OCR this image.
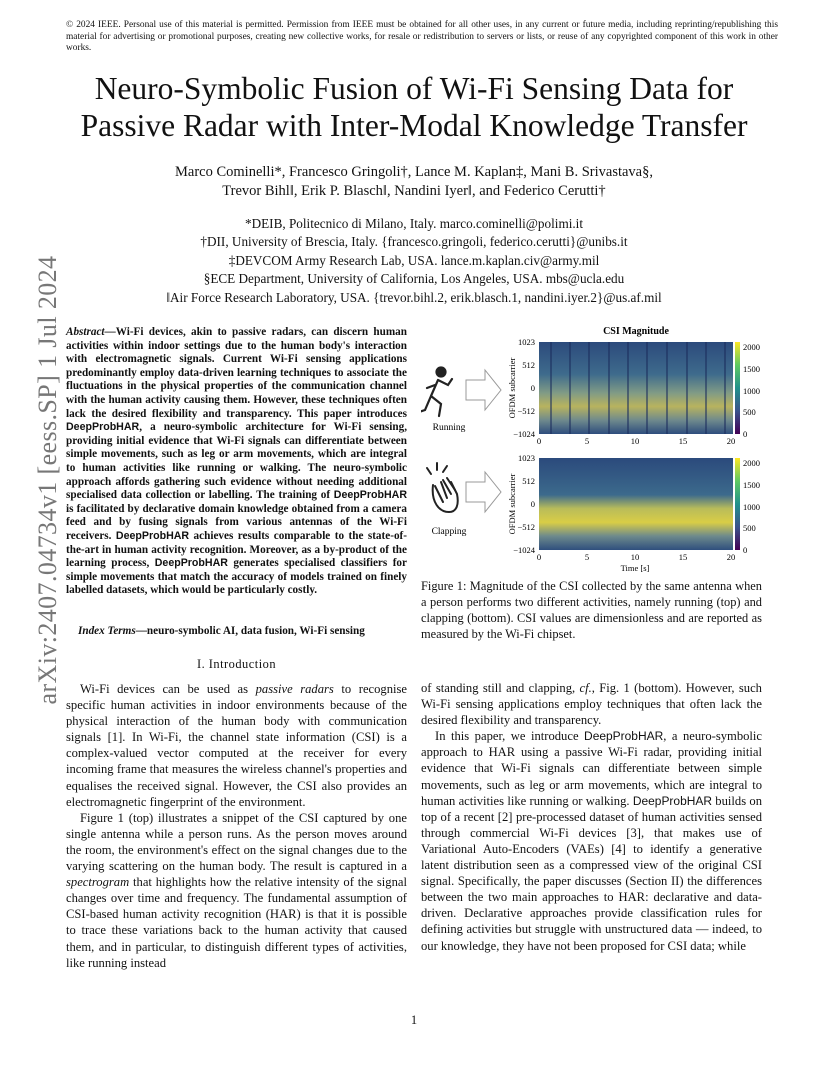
© 2024 IEEE. Personal use of this material is permitted. Permission from IEEE must be obtained for all other uses, in any current or future media, including reprinting/republishing this material for advertising or promotional purposes, creating new collective works, for resale or redistribution to servers or lists, or reuse of any copyrighted component of this work in other works.
arXiv:2407.04734v1 [eess.SP] 1 Jul 2024
Neuro-Symbolic Fusion of Wi-Fi Sensing Data for
Passive Radar with Inter-Modal Knowledge Transfer
Marco Cominelli*, Francesco Gringoli†, Lance M. Kaplan‡, Mani B. Srivastava§,
Trevor Bihl‖, Erik P. Blasch‖, Nandini Iyer‖, and Federico Cerutti†
*DEIB, Politecnico di Milano, Italy. marco.cominelli@polimi.it
†DII, University of Brescia, Italy. {francesco.gringoli, federico.cerutti}@unibs.it
‡DEVCOM Army Research Lab, USA. lance.m.kaplan.civ@army.mil
§ECE Department, University of California, Los Angeles, USA. mbs@ucla.edu
‖Air Force Research Laboratory, USA. {trevor.bihl.2, erik.blasch.1, nandini.iyer.2}@us.af.mil
Abstract—Wi-Fi devices, akin to passive radars, can discern human activities within indoor settings due to the human body's interaction with electromagnetic signals. Current Wi-Fi sensing applications predominantly employ data-driven learning techniques to associate the fluctuations in the physical properties of the communication channel with the human activity causing them. However, these techniques often lack the desired flexibility and transparency. This paper introduces DeepProbHAR, a neuro-symbolic architecture for Wi-Fi sensing, providing initial evidence that Wi-Fi signals can differentiate between simple movements, such as leg or arm movements, which are integral to human activities like running or walking. The neuro-symbolic approach affords gathering such evidence without needing additional specialised data collection or labelling. The training of DeepProbHAR is facilitated by declarative domain knowledge obtained from a camera feed and by fusing signals from various antennas of the Wi-Fi receivers. DeepProbHAR achieves results comparable to the state-of-the-art in human activity recognition. Moreover, as a by-product of the learning process, DeepProbHAR generates specialised classifiers for simple movements that match the accuracy of models trained on finely labelled datasets, which would be particularly costly.
Index Terms—neuro-symbolic AI, data fusion, Wi-Fi sensing
I. Introduction

Wi-Fi devices can be used as passive radars to recognise specific human activities in indoor environments because of the physical interaction of the human body with communication signals [1]. In Wi-Fi, the channel state information (CSI) is a complex-valued vector computed at the receiver for every incoming frame that measures the wireless channel's properties and equalises the received signal. However, the CSI also provides an electromagnetic fingerprint of the environment.

Figure 1 (top) illustrates a snippet of the CSI captured by one single antenna while a person runs. As the person moves around the room, the environment's effect on the signal changes due to the varying scattering on the human body. The result is captured in a spectrogram that highlights how the relative intensity of the signal changes over time and frequency. The fundamental assumption of CSI-based human activity recognition (HAR) is that it is possible to trace these variations back to the human activity that caused them, and in particular, to distinguish different types of activities, like running instead

of standing still and clapping, cf., Fig. 1 (bottom). However, such Wi-Fi sensing applications employ techniques that often lack the desired flexibility and transparency.

In this paper, we introduce DeepProbHAR, a neuro-symbolic approach to HAR using a passive Wi-Fi radar, providing initial evidence that Wi-Fi signals can differentiate between simple movements, such as leg or arm movements, which are integral to human activities like running or walking. DeepProbHAR builds on top of a recent [2] pre-processed dataset of human activities sensed through commercial Wi-Fi devices [3], that makes use of Variational Auto-Encoders (VAEs) [4] to identify a generative latent distribution seen as a compressed view of the original CSI signal. Specifically, the paper discusses (Section II) the differences between the two main approaches to HAR: declarative and data-driven. Declarative approaches provide classification rules for defining activities but struggle with unstructured data — indeed, to our knowledge, they have not been proposed for CSI data; while

CSI Magnitude
Running
Clapping
OFDM subcarrier
1023
512
0
−512
−1024
0	5	10	15	20
2000
1500
1000
500
0
OFDM subcarrier
1023
512
0
−512
−1024
0	5	10	15	20
Time [s]
2000
1500
1000
500
0
Figure 1: Magnitude of the CSI collected by the same antenna when a person performs two different activities, namely running (top) and clapping (bottom). CSI values are dimensionless and are reported as measured by the Wi-Fi chipset.
1
